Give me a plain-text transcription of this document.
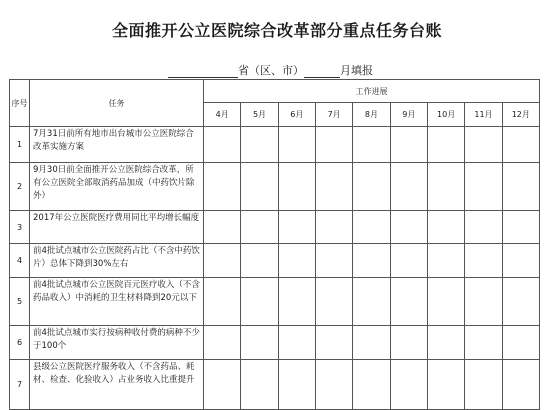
全面推开公立医院综合改革部分重点任务台账
省（区、市）	月填报
序号	任务	工作进展								
		4月	5月	6月	7月	8月	9月	10月	11月	12月
1	7月31日前所有地市出台城市公立医院综合改革实施方案									
2	9月30日前全面推开公立医院综合改革，所有公立医院全部取消药品加成（中药饮片除外）									
3	2017年公立医院医疗费用同比平均增长幅度									
4	前4批试点城市公立医院药占比（不含中药饮片）总体下降到30%左右									
5	前4批试点城市公立医院百元医疗收入（不含药品收入）中消耗的卫生材料降到20元以下									
6	前4批试点城市实行按病种收付费的病种不少于100个									
7	县级公立医院医疗服务收入（不含药品、耗材、检查、化验收入）占业务收入比重提升									
